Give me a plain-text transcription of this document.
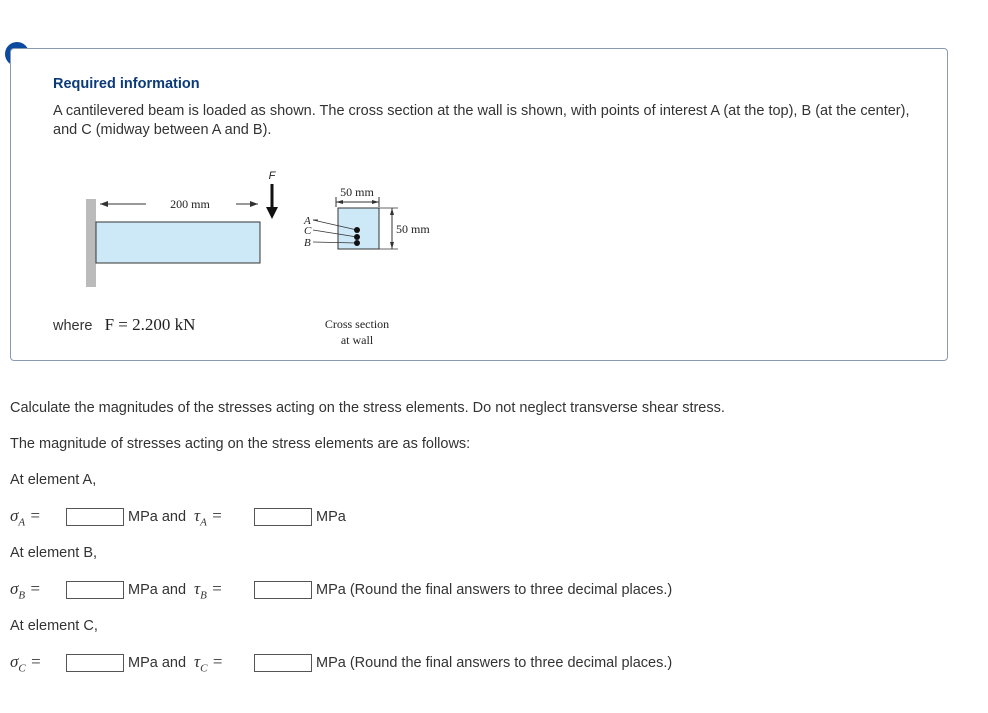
Required information
A cantilevered beam is loaded as shown. The cross section at the wall is shown, with points of interest A (at the top), B (at the center), and C (midway between A and B).
200 mm
F
50 mm
50 mm
A
C
B
Cross section
at wall
where F = 2.200 kN
Calculate the magnitudes of the stresses acting on the stress elements. Do not neglect transverse shear stress.
The magnitude of stresses acting on the stress elements are as follows:
At element A,
$\sigma_A$ =	MPa and $\tau_A$ =	MPa
At element B,
$\sigma_B$ =	MPa and $\tau_B$ =	MPa (Round the final answers to three decimal places.)
At element C,
$\sigma_C$ =	MPa and $\tau_C$ =	MPa (Round the final answers to three decimal places.)
